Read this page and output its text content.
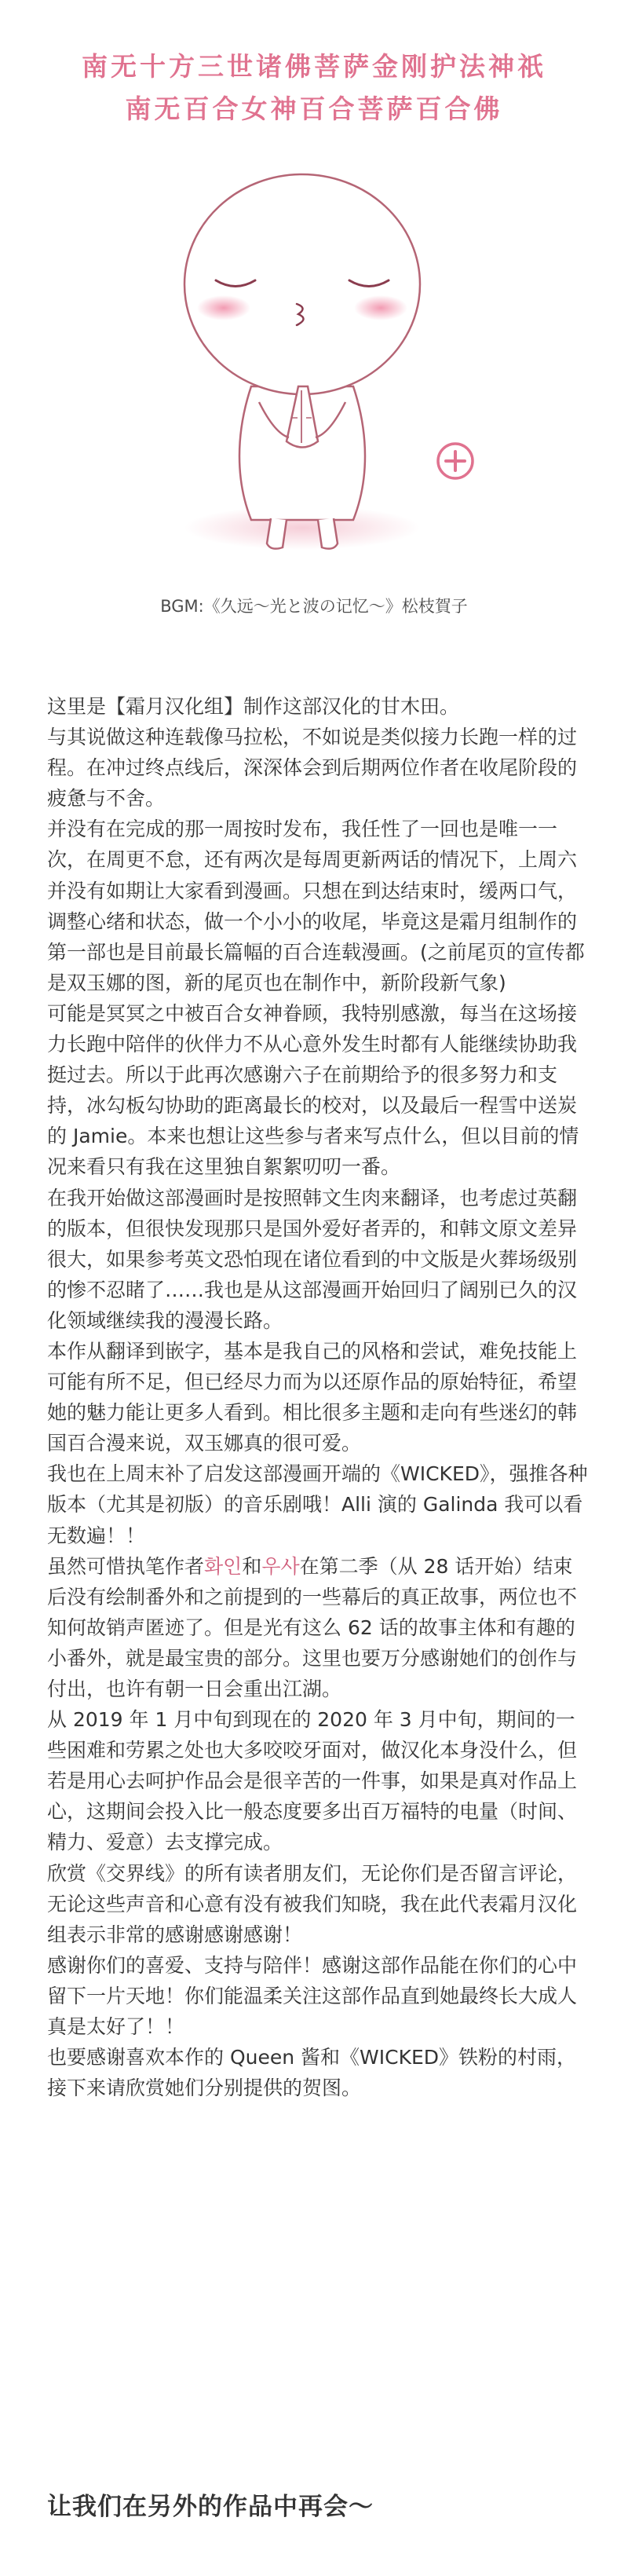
南无十方三世诸佛菩萨金刚护法神祇
南无百合女神百合菩萨百合佛
BGM:《久远～光と波の记忆～》松枝賀子

这里是【霜月汉化组】制作这部汉化的甘木田。

与其说做这种连载像马拉松，不如说是类似接力长跑一样的过程。在冲过终点线后，深深体会到后期两位作者在收尾阶段的疲惫与不舍。

并没有在完成的那一周按时发布，我任性了一回也是唯一一次，在周更不怠，还有两次是每周更新两话的情况下，上周六并没有如期让大家看到漫画。只想在到达结束时，缓两口气，调整心绪和状态，做一个小小的收尾，毕竟这是霜月组制作的第一部也是目前最长篇幅的百合连载漫画。(之前尾页的宣传都是双玉娜的图，新的尾页也在制作中，新阶段新气象)

可能是冥冥之中被百合女神眷顾，我特别感激，每当在这场接力长跑中陪伴的伙伴力不从心意外发生时都有人能继续协助我挺过去。所以于此再次感谢六子在前期给予的很多努力和支持，冰勾板勾协助的距离最长的校对，以及最后一程雪中送炭的 Jamie。本来也想让这些参与者来写点什么，但以目前的情况来看只有我在这里独自絮絮叨叨一番。

在我开始做这部漫画时是按照韩文生肉来翻译，也考虑过英翻的版本，但很快发现那只是国外爱好者弄的，和韩文原文差异很大，如果参考英文恐怕现在诸位看到的中文版是火葬场级别的惨不忍睹了……我也是从这部漫画开始回归了阔别已久的汉化领域继续我的漫漫长路。

本作从翻译到嵌字，基本是我自己的风格和尝试，难免技能上可能有所不足，但已经尽力而为以还原作品的原始特征，希望她的魅力能让更多人看到。相比很多主题和走向有些迷幻的韩国百合漫来说，双玉娜真的很可爱。

我也在上周末补了启发这部漫画开端的《WICKED》，强推各种版本（尤其是初版）的音乐剧哦！Alli 演的 Galinda 我可以看无数遍！！

虽然可惜执笔作者화인和우사在第二季（从 28 话开始）结束后没有绘制番外和之前提到的一些幕后的真正故事，两位也不知何故销声匿迹了。但是光有这么 62 话的故事主体和有趣的小番外，就是最宝贵的部分。这里也要万分感谢她们的创作与付出，也许有朝一日会重出江湖。

从 2019 年 1 月中旬到现在的 2020 年 3 月中旬，期间的一些困难和劳累之处也大多咬咬牙面对，做汉化本身没什么，但若是用心去呵护作品会是很辛苦的一件事，如果是真对作品上心，这期间会投入比一般态度要多出百万福特的电量（时间、精力、爱意）去支撑完成。

欣赏《交界线》的所有读者朋友们，无论你们是否留言评论，无论这些声音和心意有没有被我们知晓，我在此代表霜月汉化组表示非常的感谢感谢感谢！

感谢你们的喜爱、支持与陪伴！感谢这部作品能在你们的心中留下一片天地！你们能温柔关注这部作品直到她最终长大成人真是太好了！！

也要感谢喜欢本作的 Queen 酱和《WICKED》铁粉的村雨，接下来请欣赏她们分别提供的贺图。

让我们在另外的作品中再会～
